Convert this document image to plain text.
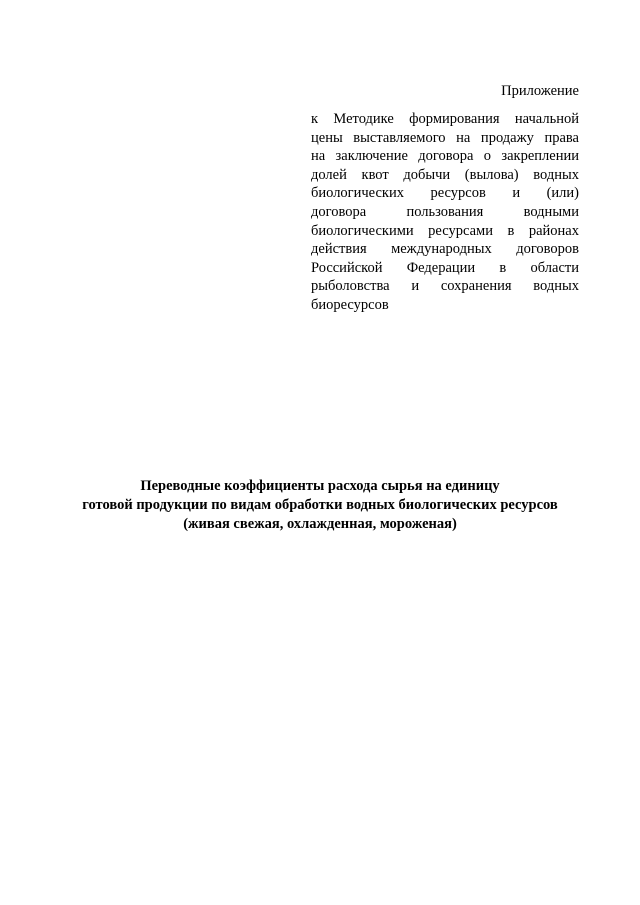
Приложение
к Методике формирования начальной
цены выставляемого на продажу права
на заключение договора о закреплении
долей квот добычи (вылова) водных
биологических ресурсов и (или)
договора пользования водными
биологическими ресурсами в районах
действия международных договоров
Российской Федерации в области
рыболовства и сохранения водных
биоресурсов
Переводные коэффициенты расхода сырья на единицу
готовой продукции по видам обработки водных биологических ресурсов
(живая свежая, охлажденная, мороженая)
